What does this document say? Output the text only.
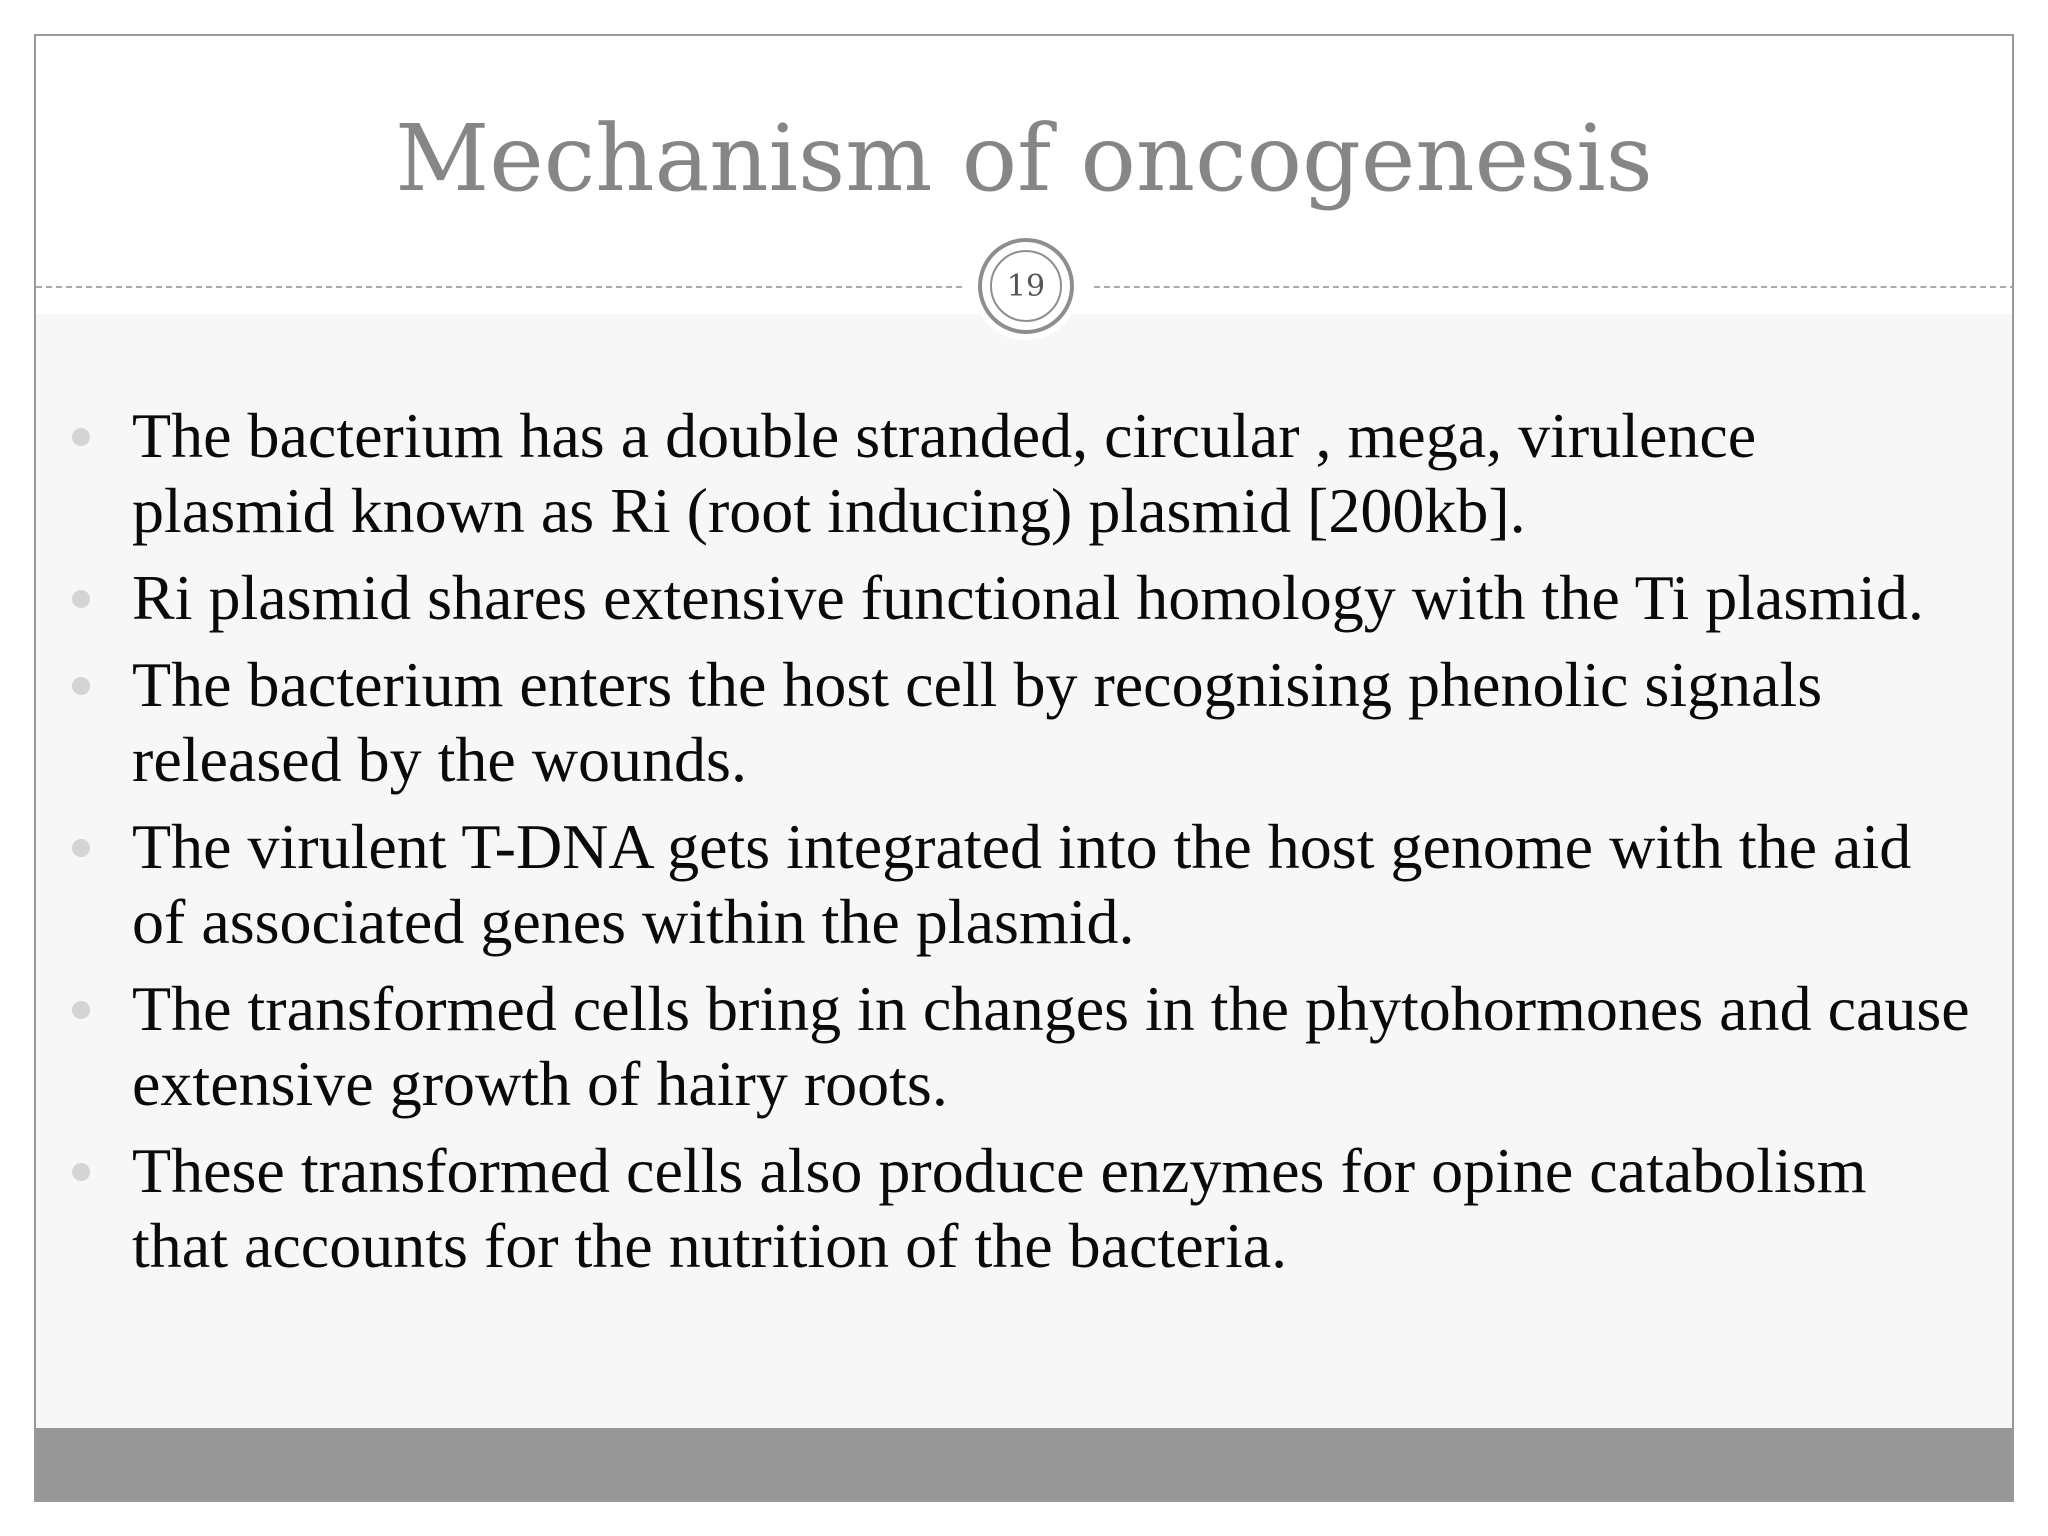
Mechanism of oncogenesis
19
The bacterium has a double stranded, circular , mega, virulence plasmid known as Ri (root inducing) plasmid [200kb].
Ri plasmid shares extensive functional homology with the Ti plasmid.
The bacterium enters the host cell by recognising phenolic signals released by the wounds.
The virulent T-DNA gets integrated into the host genome with the aid of associated genes within the plasmid.
The transformed cells bring in changes in the phytohormones and cause extensive growth of hairy roots.
These transformed cells also produce enzymes for opine catabolism that accounts for the nutrition of the bacteria.
